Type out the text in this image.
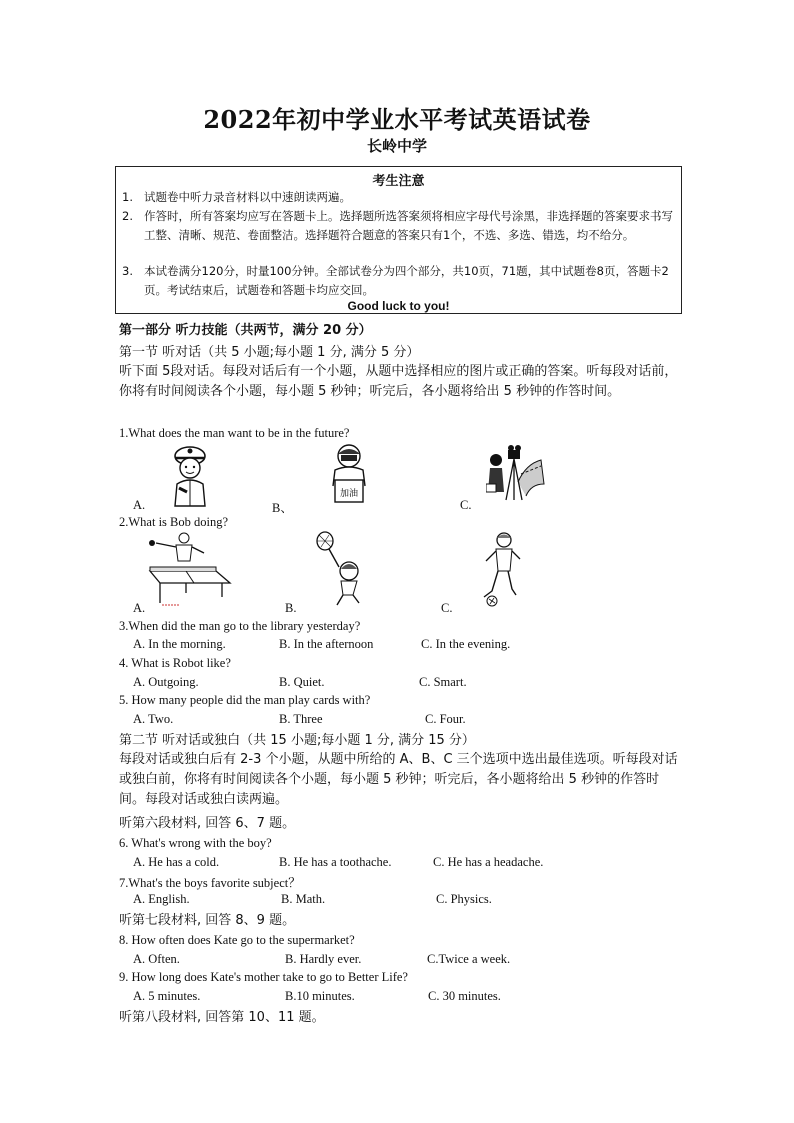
2022年初中学业水平考试英语试卷
长岭中学
考生注意
1. 试题卷中听力录音材料以中速朗读两遍。
2. 作答时，所有答案均应写在答题卡上。选择题所选答案须将相应字母代号涂黑，非选择题的答案要求书写工整、清晰、规范、卷面整洁。选择题符合题意的答案只有1个，不选、多选、错选，均不给分。
3. 本试卷满分120分，时量100分钟。全部试卷分为四个部分，共10页，71题，其中试题卷8页，答题卡2页。考试结束后，试题卷和答题卡均应交回。
Good luck to you!
第一部分 听力技能（共两节，满分 20 分）
第一节 听对话（共 5 小题;每小题 1 分, 满分 5 分）
听下面 5段对话。每段对话后有一个小题，从题中选择相应的图片或正确的答案。听每段对话前，你将有时间阅读各个小题，每小题 5 秒钟；听完后，各小题将给出 5 秒钟的作答时间。
1.What does the man want to be in the future?
A.	B、	C.
加油
2.What is Bob doing?
A.	B.	C.
3.When did the man go to the library yesterday?
A. In the morning.	B. In the afternoon	C. In the evening.
4. What is Robot like?
A. Outgoing.	B. Quiet.	C. Smart.
5. How many people did the man play cards with?
A. Two.	B. Three	C. Four.
第二节 听对话或独白（共 15 小题;每小题 1 分, 满分 15 分）
每段对话或独白后有 2-3 个小题，从题中所给的 A、B、C 三个选项中选出最佳选项。听每段对话或独白前，你将有时间阅读各个小题，每小题 5 秒钟；听完后，各小题将给出 5 秒钟的作答时间。每段对话或独白读两遍。
听第六段材料, 回答 6、7 题。
6. What's wrong with the boy?
A. He has a cold.	B. He has a toothache.	C. He has a headache.
7.What's the boys favorite subject？
A. English.	B. Math.	C. Physics.
听第七段材料, 回答 8、9 题。
8. How often does Kate go to the supermarket?
A. Often.	B. Hardly ever.	C.Twice a week.
9. How long does Kate's mother take to go to Better Life?
A. 5 minutes.	B.10 minutes.	C. 30 minutes.
听第八段材料, 回答第 10、11 题。
